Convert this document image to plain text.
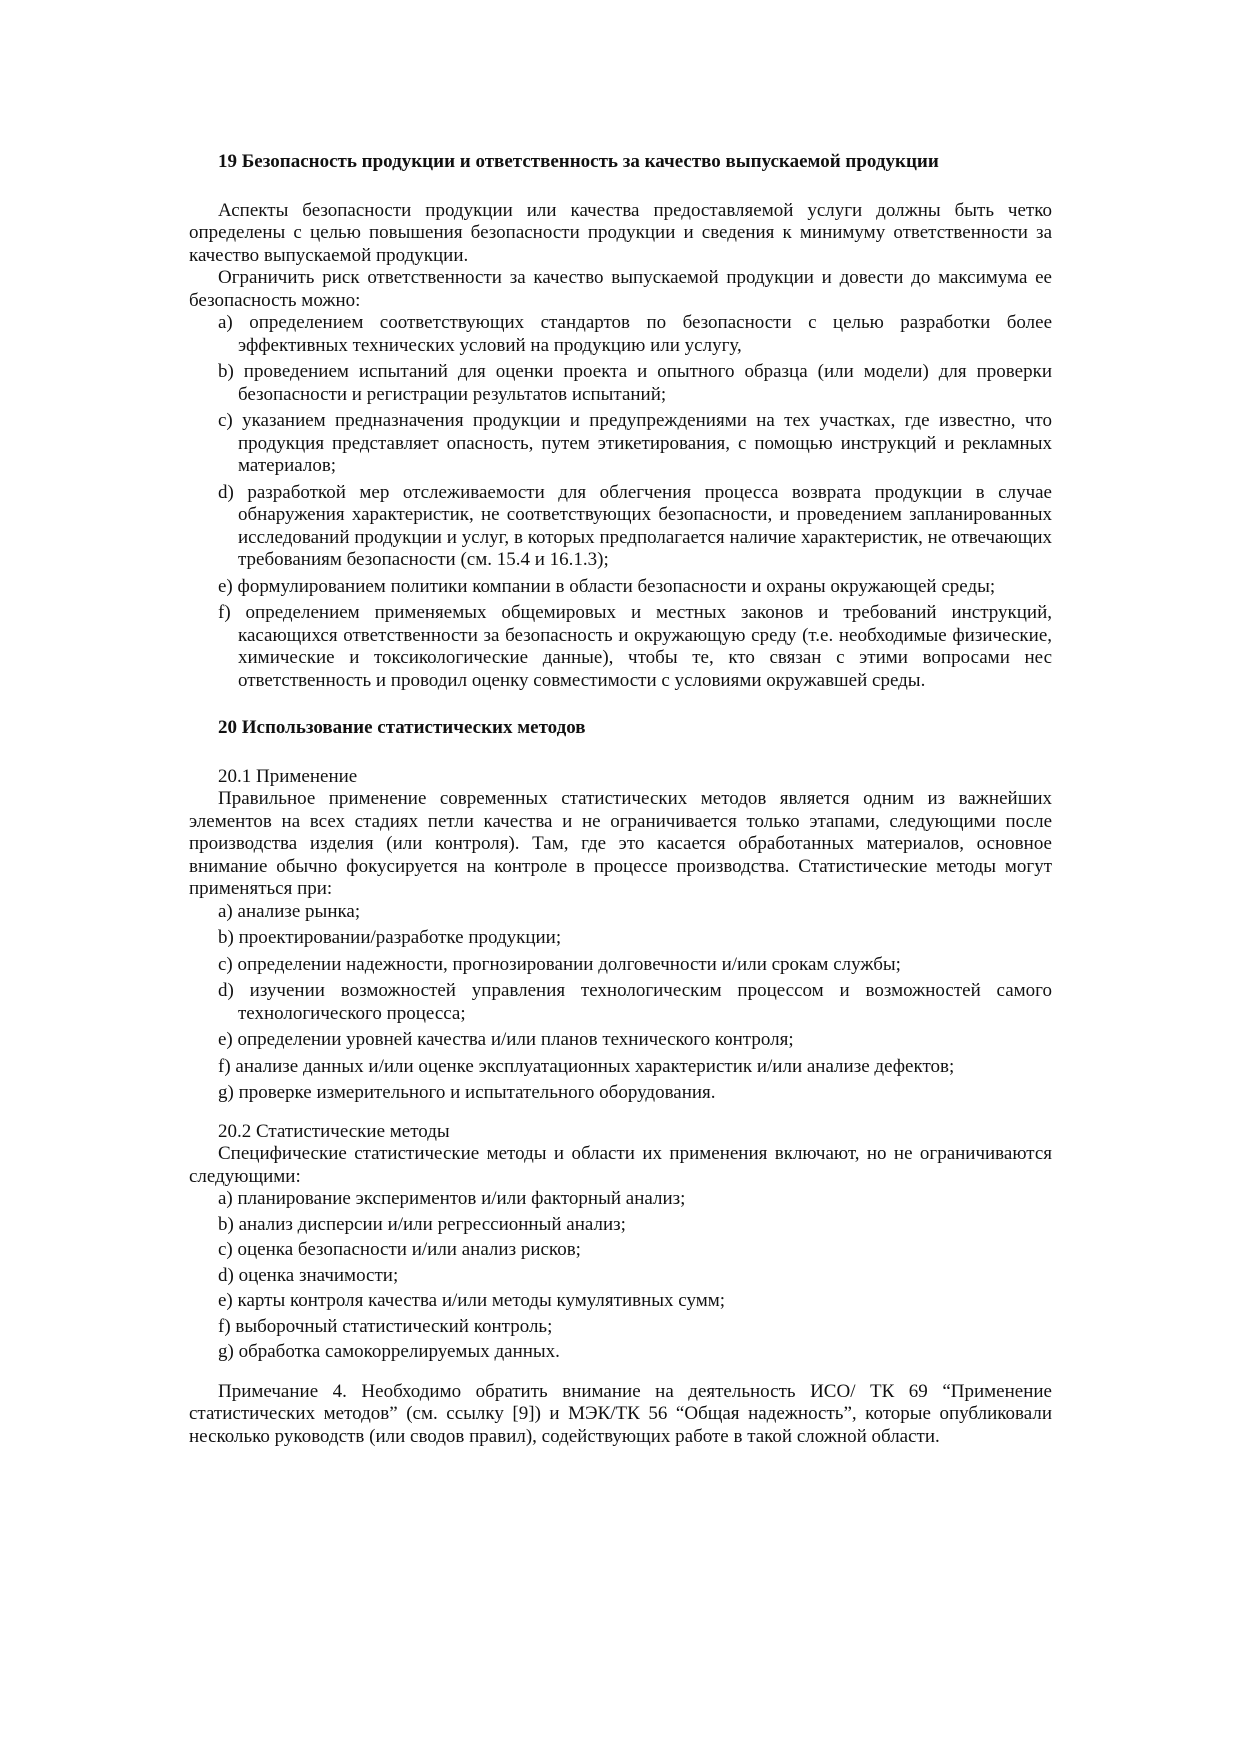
19 Безопасность продукции и ответственность за качество выпускаемой продукции

Аспекты безопасности продукции или качества предоставляемой услуги должны быть четко определены с целью повышения безопасности продукции и сведения к минимуму ответственности за качество выпускаемой продукции.

Ограничить риск ответственности за качество выпускаемой продукции и довести до максимума ее безопасность можно:

a) определением соответствующих стандартов по безопасности с целью разработки более эффективных технических условий на продукцию или услугу,
b) проведением испытаний для оценки проекта и опытного образца (или модели) для проверки безопасности и регистрации результатов испытаний;
c) указанием предназначения продукции и предупреждениями на тех участках, где известно, что продукция представляет опасность, путем этикетирования, с помощью инструкций и рекламных материалов;
d) разработкой мер отслеживаемости для облегчения процесса возврата продукции в случае обнаружения характеристик, не соответствующих безопасности, и проведением запланированных исследований продукции и услуг, в которых предполагается наличие характеристик, не отвечающих требованиям безопасности (см. 15.4 и 16.1.3);
e) формулированием политики компании в области безопасности и охраны окружающей среды;
f) определением применяемых общемировых и местных законов и требований инструкций, касающихся ответственности за безопасность и окружающую среду (т.е. необходимые физические, химические и токсикологические данные), чтобы те, кто связан с этими вопросами нес ответственность и проводил оценку совместимости с условиями окружавшей среды.
20 Использование статистических методов
20.1 Применение

Правильное применение современных статистических методов является одним из важнейших элементов на всех стадиях петли качества и не ограничивается только этапами, следующими после производства изделия (или контроля). Там, где это касается обработанных материалов, основное внимание обычно фокусируется на контроле в процессе производства. Статистические методы могут применяться при:

a) анализе рынка;
b) проектировании/разработке продукции;
c) определении надежности, прогнозировании долговечности и/или срокам службы;
d) изучении возможностей управления технологическим процессом и возможностей самого технологического процесса;
e) определении уровней качества и/или планов технического контроля;
f) анализе данных и/или оценке эксплуатационных характеристик и/или анализе дефектов;
g) проверке измерительного и испытательного оборудования.
20.2 Статистические методы

Специфические статистические методы и области их применения включают, но не ограничиваются следующими:

a) планирование экспериментов и/или факторный анализ;
b) анализ дисперсии и/или регрессионный анализ;
c) оценка безопасности и/или анализ рисков;
d) оценка значимости;
e) карты контроля качества и/или методы кумулятивных сумм;
f) выборочный статистический контроль;
g) обработка самокоррелируемых данных.

Примечание 4. Необходимо обратить внимание на деятельность ИСО/ ТК 69 “Применение статистических методов” (см. ссылку [9]) и МЭК/ТК 56 “Общая надежность”, которые опубликовали несколько руководств (или сводов правил), содействующих работе в такой сложной области.
